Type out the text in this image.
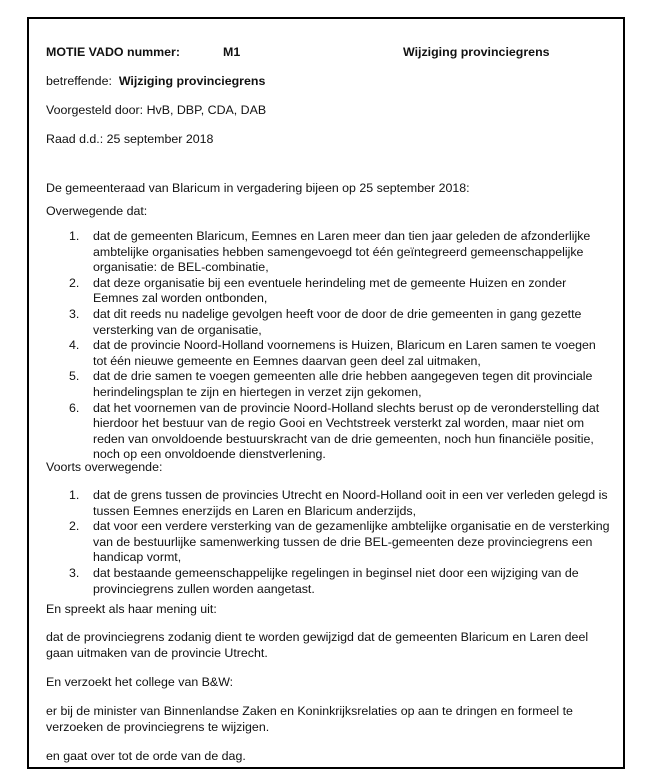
MOTIE VADO nummer:	M1	Wijziging provinciegrens
betreffende: Wijziging provinciegrens
Voorgesteld door: HvB, DBP, CDA, DAB
Raad d.d.: 25 september 2018
De gemeenteraad van Blaricum in vergadering bijeen op 25 september 2018:
Overwegende dat:
1. dat de gemeenten Blaricum, Eemnes en Laren meer dan tien jaar geleden de afzonderlijke
ambtelijke organisaties hebben samengevoegd tot één geïntegreerd gemeenschappelijke
organisatie: de BEL-combinatie,
2. dat deze organisatie bij een eventuele herindeling met de gemeente Huizen en zonder
Eemnes zal worden ontbonden,
3. dat dit reeds nu nadelige gevolgen heeft voor de door de drie gemeenten in gang gezette
versterking van de organisatie,
4. dat de provincie Noord-Holland voornemens is Huizen, Blaricum en Laren samen te voegen
tot één nieuwe gemeente en Eemnes daarvan geen deel zal uitmaken,
5. dat de drie samen te voegen gemeenten alle drie hebben aangegeven tegen dit provinciale
herindelingsplan te zijn en hiertegen in verzet zijn gekomen,
6. dat het voornemen van de provincie Noord-Holland slechts berust op de veronderstelling dat
hierdoor het bestuur van de regio Gooi en Vechtstreek versterkt zal worden, maar niet om
reden van onvoldoende bestuurskracht van de drie gemeenten, noch hun financiële positie,
noch op een onvoldoende dienstverlening.
Voorts overwegende:
1. dat de grens tussen de provincies Utrecht en Noord-Holland ooit in een ver verleden gelegd is
tussen Eemnes enerzijds en Laren en Blaricum anderzijds,
2. dat voor een verdere versterking van de gezamenlijke ambtelijke organisatie en de versterking
van de bestuurlijke samenwerking tussen de drie BEL-gemeenten deze provinciegrens een
handicap vormt,
3. dat bestaande gemeenschappelijke regelingen in beginsel niet door een wijziging van de
provinciegrens zullen worden aangetast.
En spreekt als haar mening uit:
dat de provinciegrens zodanig dient te worden gewijzigd dat de gemeenten Blaricum en Laren deel
gaan uitmaken van de provincie Utrecht.
En verzoekt het college van B&W:
er bij de minister van Binnenlandse Zaken en Koninkrijksrelaties op aan te dringen en formeel te
verzoeken de provinciegrens te wijzigen.
en gaat over tot de orde van de dag.
